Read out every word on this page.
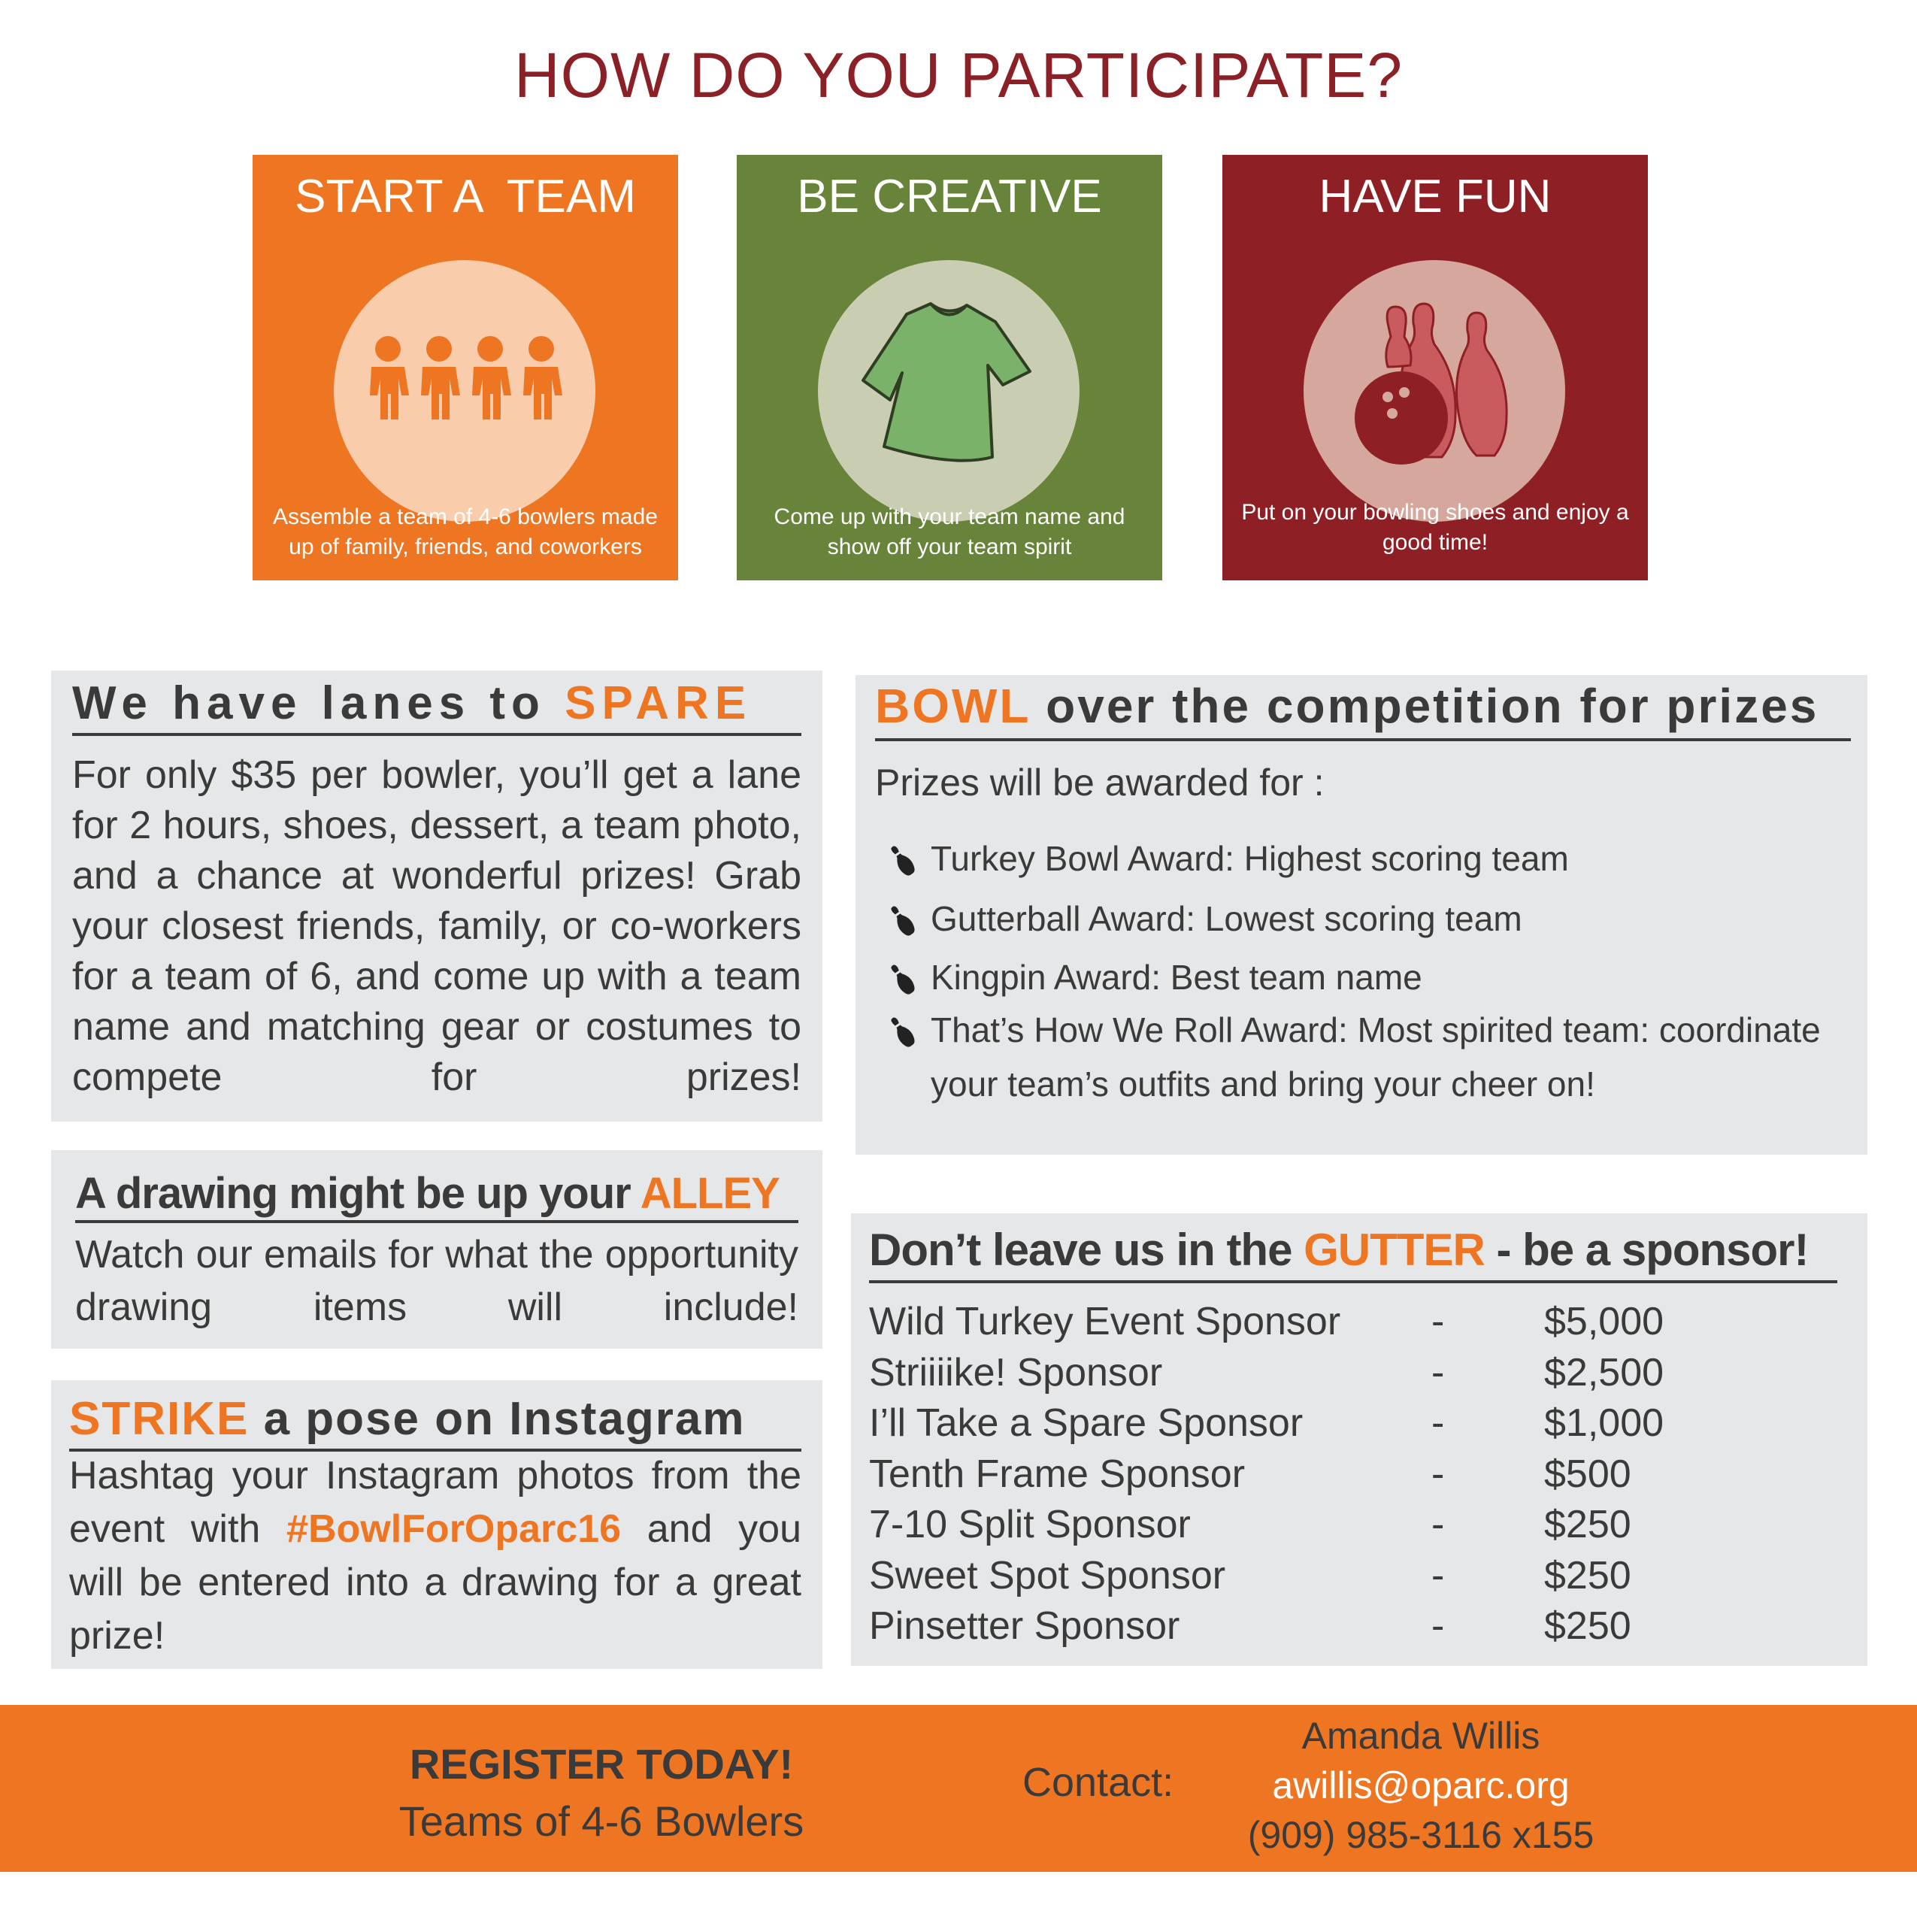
HOW DO YOU PARTICIPATE?
START A  TEAM
Assemble a team of 4-6 bowlers made up of family, friends, and coworkers
BE CREATIVE
Come up with your team name and show off your team spirit
HAVE FUN
Put on your bowling shoes and enjoy a good time!
We have lanes to SPARE
For only $35 per bowler, you’ll get a lane for 2 hours, shoes, dessert, a team photo, and a chance at wonderful prizes! Grab your closest friends, family, or co-workers for a team of 6, and come up with a team name and matching gear or costumes to compete for prizes!
A drawing might be up your ALLEY
Watch our emails for what the opportunity drawing items will include!
STRIKE a pose on Instagram
Hashtag your Instagram photos from the event with #BowlForOparc16 and you will be entered into a drawing for a great prize!
BOWL over the competition for prizes
Prizes will be awarded for :
Turkey Bowl Award: Highest scoring team
Gutterball Award: Lowest scoring team
Kingpin Award: Best team name
That’s How We Roll Award: Most spirited team: coordinate your team’s outfits and bring your cheer on!
Don’t leave us in the GUTTER - be a sponsor!
Wild Turkey Event Sponsor -	$5,000
Striiiike! Sponsor	-	$2,500
I’ll Take a Spare Sponsor	-	$1,000
Tenth Frame Sponsor	-	$500
7-10 Split Sponsor	-	$250
Sweet Spot Sponsor	-	$250
Pinsetter Sponsor	-	$250
REGISTER TODAY!
Teams of 4-6 Bowlers
Contact:
Amanda Willis
awillis@oparc.org
(909) 985-3116 x155
